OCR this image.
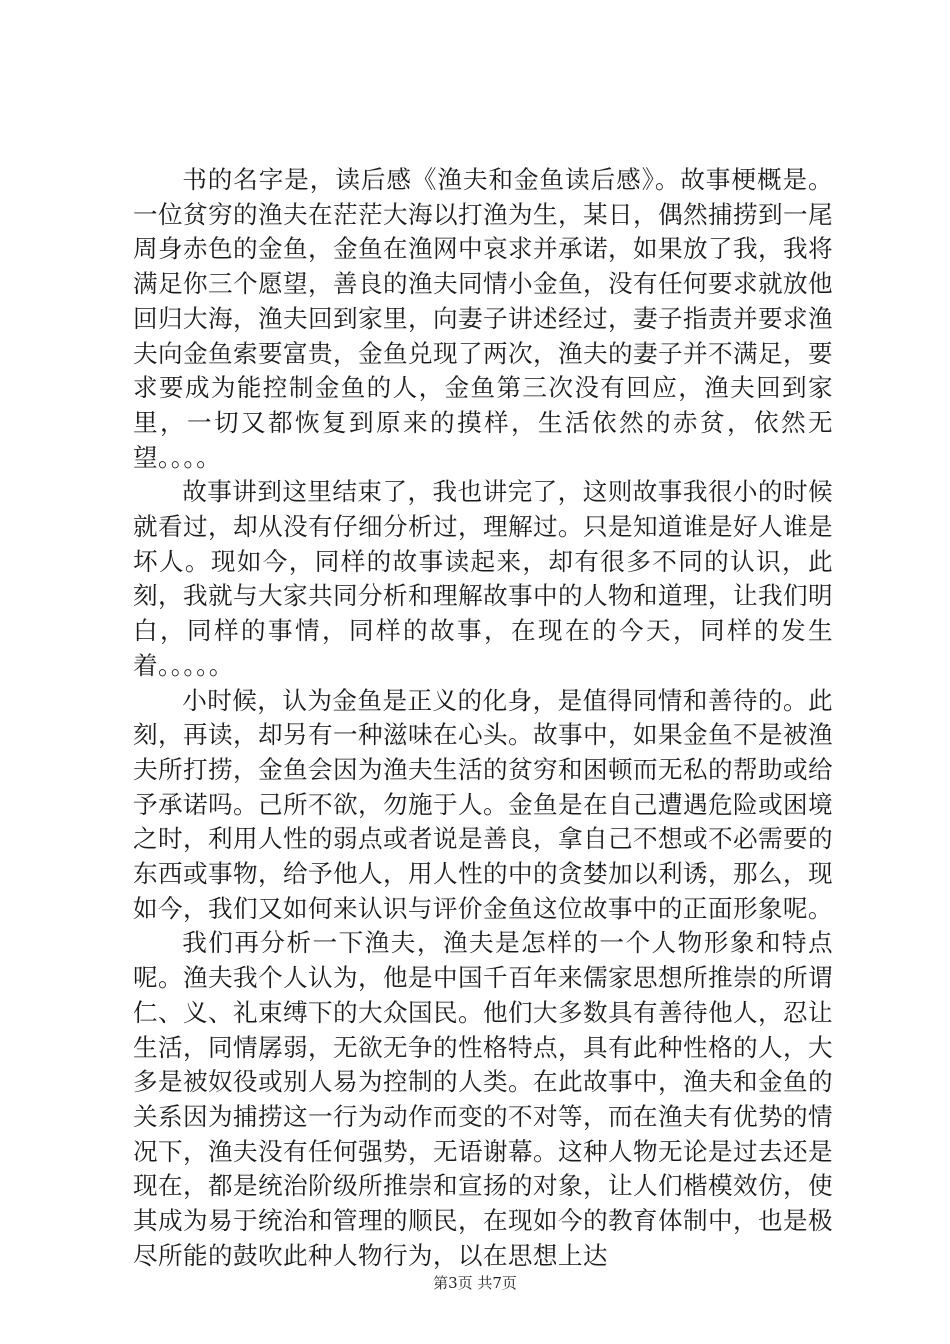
书的名字是，读后感《渔夫和金鱼读后感》。故事梗概是。一位贫穷的渔夫在茫茫大海以打渔为生，某日，偶然捕捞到一尾周身赤色的金鱼，金鱼在渔网中哀求并承诺，如果放了我，我将满足你三个愿望，善良的渔夫同情小金鱼，没有任何要求就放他回归大海，渔夫回到家里，向妻子讲述经过，妻子指责并要求渔夫向金鱼索要富贵，金鱼兑现了两次，渔夫的妻子并不满足，要求要成为能控制金鱼的人，金鱼第三次没有回应，渔夫回到家里，一切又都恢复到原来的摸样，生活依然的赤贫，依然无望。。。。

故事讲到这里结束了，我也讲完了，这则故事我很小的时候就看过，却从没有仔细分析过，理解过。只是知道谁是好人谁是坏人。现如今，同样的故事读起来，却有很多不同的认识，此刻，我就与大家共同分析和理解故事中的人物和道理，让我们明白，同样的事情，同样的故事，在现在的今天，同样的发生着。。。。。

小时候，认为金鱼是正义的化身，是值得同情和善待的。此刻，再读，却另有一种滋味在心头。故事中，如果金鱼不是被渔夫所打捞，金鱼会因为渔夫生活的贫穷和困顿而无私的帮助或给予承诺吗。己所不欲，勿施于人。金鱼是在自己遭遇危险或困境之时，利用人性的弱点或者说是善良，拿自己不想或不必需要的东西或事物，给予他人，用人性的中的贪婪加以利诱，那么，现如今，我们又如何来认识与评价金鱼这位故事中的正面形象呢。

我们再分析一下渔夫，渔夫是怎样的一个人物形象和特点呢。渔夫我个人认为，他是中国千百年来儒家思想所推崇的所谓仁、义、礼束缚下的大众国民。他们大多数具有善待他人，忍让生活，同情孱弱，无欲无争的性格特点，具有此种性格的人，大多是被奴役或别人易为控制的人类。在此故事中，渔夫和金鱼的关系因为捕捞这一行为动作而变的不对等，而在渔夫有优势的情况下，渔夫没有任何强势，无语谢幕。这种人物无论是过去还是现在，都是统治阶级所推崇和宣扬的对象，让人们楷模效仿，使其成为易于统治和管理的顺民，在现如今的教育体制中，也是极尽所能的鼓吹此种人物行为，以在思想上达

第3页 共7页
